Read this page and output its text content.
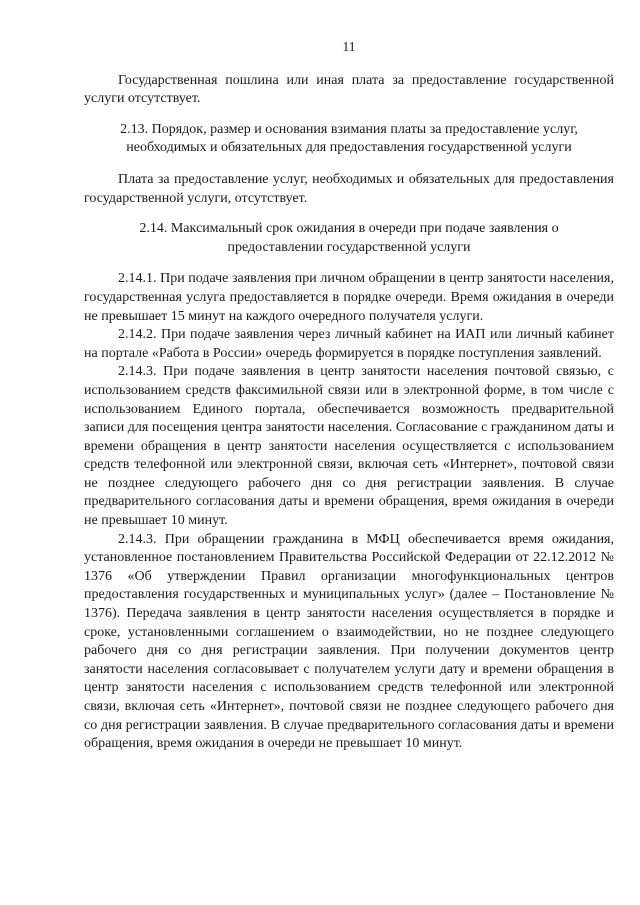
11

Государственная пошлина или иная плата за предоставление государственной услуги отсутствует.

2.13. Порядок, размер и основания взимания платы за предоставление услуг, необходимых и обязательных для предоставления государственной услуги

Плата за предоставление услуг, необходимых и обязательных для предоставления государственной услуги, отсутствует.

2.14. Максимальный срок ожидания в очереди при подаче заявления о предоставлении государственной услуги

2.14.1. При подаче заявления при личном обращении в центр занятости населения, государственная услуга предоставляется в порядке очереди. Время ожидания в очереди не превышает 15 минут на каждого очередного получателя услуги.

2.14.2. При подаче заявления через личный кабинет на ИАП или личный кабинет на портале «Работа в России» очередь формируется в порядке поступления заявлений.

2.14.3. При подаче заявления в центр занятости населения почтовой связью, с использованием средств факсимильной связи или в электронной форме, в том числе с использованием Единого портала, обеспечивается возможность предварительной записи для посещения центра занятости населения. Согласование с гражданином даты и времени обращения в центр занятости населения осуществляется с использованием средств телефонной или электронной связи, включая сеть «Интернет», почтовой связи не позднее следующего рабочего дня со дня регистрации заявления. В случае предварительного согласования даты и времени обращения, время ожидания в очереди не превышает 10 минут.

2.14.3. При обращении гражданина в МФЦ обеспечивается время ожидания, установленное постановлением Правительства Российской Федерации от 22.12.2012 № 1376 «Об утверждении Правил организации многофункциональных центров предоставления государственных и муниципальных услуг» (далее – Постановление № 1376). Передача заявления в центр занятости населения осуществляется в порядке и сроке, установленными соглашением о взаимодействии, но не позднее следующего рабочего дня со дня регистрации заявления. При получении документов центр занятости населения согласовывает с получателем услуги дату и времени обращения в центр занятости населения с использованием средств телефонной или электронной связи, включая сеть «Интернет», почтовой связи не позднее следующего рабочего дня со дня регистрации заявления. В случае предварительного согласования даты и времени обращения, время ожидания в очереди не превышает 10 минут.
